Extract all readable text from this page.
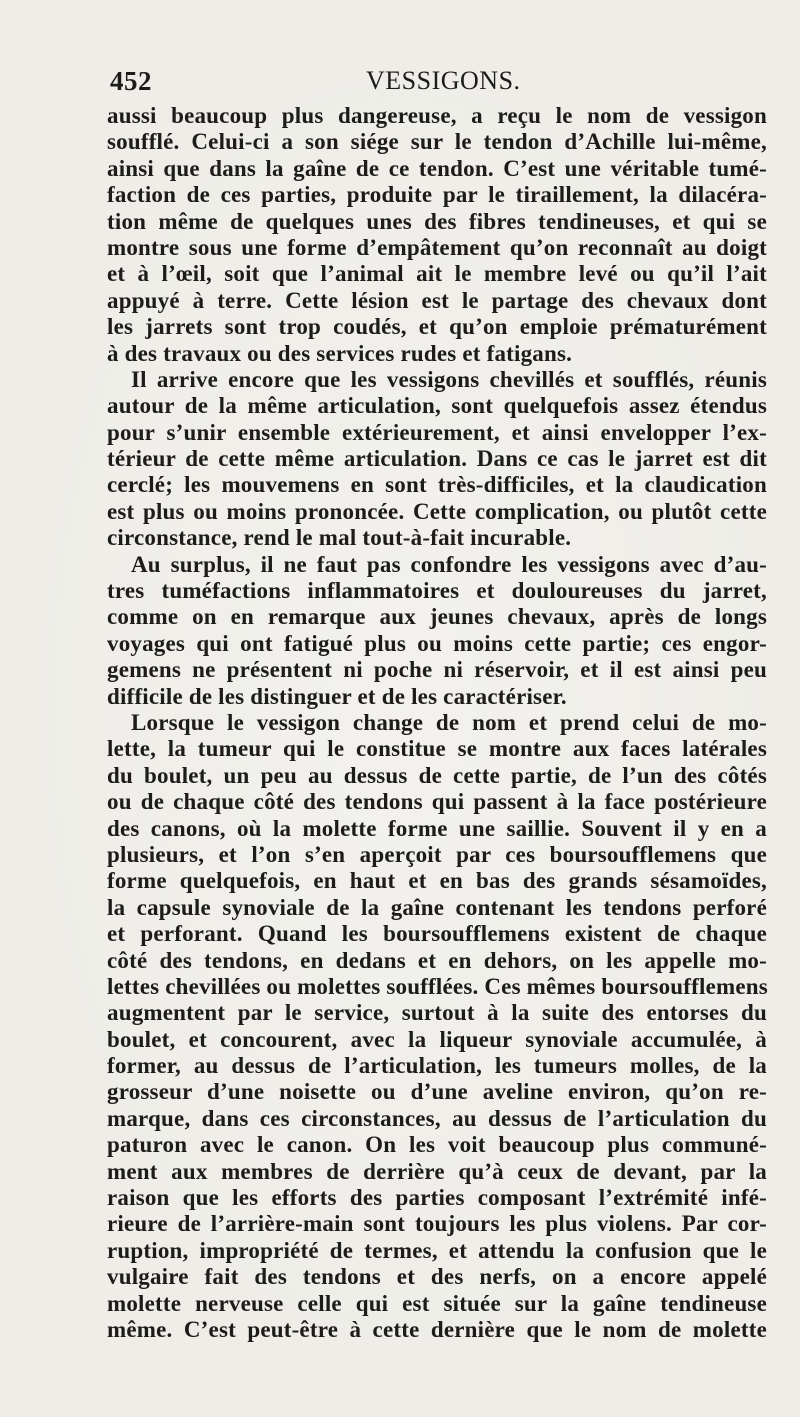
452	VESSIGONS.
aussi beaucoup plus dangereuse, a reçu le nom de vessigon
soufflé. Celui-ci a son siége sur le tendon d’Achille lui-même,
ainsi que dans la gaîne de ce tendon. C’est une véritable tumé-
faction de ces parties, produite par le tiraillement, la dilacéra-
tion même de quelques unes des fibres tendineuses, et qui se
montre sous une forme d’empâtement qu’on reconnaît au doigt
et à l’œil, soit que l’animal ait le membre levé ou qu’il l’ait
appuyé à terre. Cette lésion est le partage des chevaux dont
les jarrets sont trop coudés, et qu’on emploie prématurément
à des travaux ou des services rudes et fatigans.
Il arrive encore que les vessigons chevillés et soufflés, réunis
autour de la même articulation, sont quelquefois assez étendus
pour s’unir ensemble extérieurement, et ainsi envelopper l’ex-
térieur de cette même articulation. Dans ce cas le jarret est dit
cerclé; les mouvemens en sont très-difficiles, et la claudication
est plus ou moins prononcée. Cette complication, ou plutôt cette
circonstance, rend le mal tout-à-fait incurable.
Au surplus, il ne faut pas confondre les vessigons avec d’au-
tres tuméfactions inflammatoires et douloureuses du jarret,
comme on en remarque aux jeunes chevaux, après de longs
voyages qui ont fatigué plus ou moins cette partie; ces engor-
gemens ne présentent ni poche ni réservoir, et il est ainsi peu
difficile de les distinguer et de les caractériser.
Lorsque le vessigon change de nom et prend celui de mo-
lette, la tumeur qui le constitue se montre aux faces latérales
du boulet, un peu au dessus de cette partie, de l’un des côtés
ou de chaque côté des tendons qui passent à la face postérieure
des canons, où la molette forme une saillie. Souvent il y en a
plusieurs, et l’on s’en aperçoit par ces boursoufflemens que
forme quelquefois, en haut et en bas des grands sésamoïdes,
la capsule synoviale de la gaîne contenant les tendons perforé
et perforant. Quand les boursoufflemens existent de chaque
côté des tendons, en dedans et en dehors, on les appelle mo-
lettes chevillées ou molettes soufflées. Ces mêmes boursoufflemens
augmentent par le service, surtout à la suite des entorses du
boulet, et concourent, avec la liqueur synoviale accumulée, à
former, au dessus de l’articulation, les tumeurs molles, de la
grosseur d’une noisette ou d’une aveline environ, qu’on re-
marque, dans ces circonstances, au dessus de l’articulation du
paturon avec le canon. On les voit beaucoup plus communé-
ment aux membres de derrière qu’à ceux de devant, par la
raison que les efforts des parties composant l’extrémité infé-
rieure de l’arrière-main sont toujours les plus violens. Par cor-
ruption, impropriété de termes, et attendu la confusion que le
vulgaire fait des tendons et des nerfs, on a encore appelé
molette nerveuse celle qui est située sur la gaîne tendineuse
même. C’est peut-être à cette dernière que le nom de molette
